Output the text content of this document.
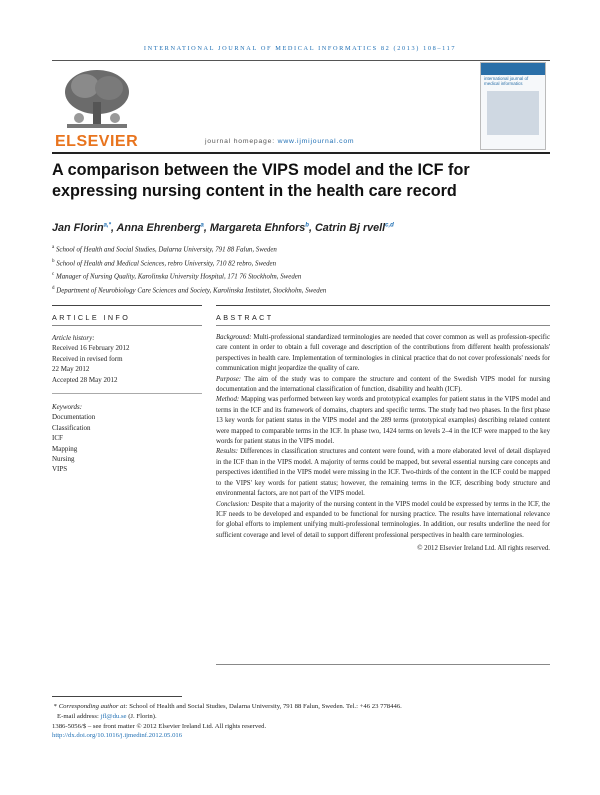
INTERNATIONAL JOURNAL OF MEDICAL INFORMATICS 82 (2013) 108–117
ELSEVIER	journal homepage: www.ijmijournal.com
international journal of medical informatics
A comparison between the VIPS model and the ICF for expressing nursing content in the health care record
Jan Florin$^{a,*}$, Anna Ehrenberg$^a$, Margareta Ehnfors$^b$, Catrin Bj rvell$^{c,d}$
$^a$ School of Health and Social Studies, Dalarna University, 791 88 Falun, Sweden
$^b$ School of Health and Medical Sciences, rebro University, 710 82 rebro, Sweden
$^c$ Manager of Nursing Quality, Karolinska University Hospital, 171 76 Stockholm, Sweden
$^d$ Department of Neurobiology Care Sciences and Society, Karolinska Institutet, Stockholm, Sweden
ARTICLE INFO	ABSTRACT
Article history:
Received 16 February 2012
Received in revised form
22 May 2012
Accepted 28 May 2012
Keywords:
Documentation
Classification
ICF
Mapping
Nursing
VIPS

Background: Multi-professional standardized terminologies are needed that cover common as well as profession-specific care content in order to obtain a full coverage and description of the contributions from different health professionals' perspectives in health care. Implementation of terminologies in clinical practice that do not cover professionals' needs for communication might jeopardize the quality of care.

Purpose: The aim of the study was to compare the structure and content of the Swedish VIPS model for nursing documentation and the international classification of function, disability and health (ICF).

Method: Mapping was performed between key words and prototypical examples for patient status in the VIPS model and terms in the ICF and its framework of domains, chapters and specific terms. The study had two phases. In the first phase 13 key words for patient status in the VIPS model and the 289 terms (prototypical examples) describing related content were mapped to comparable terms in the ICF. In phase two, 1424 terms on levels 2–4 in the ICF were mapped to the key words for patient status in the VIPS model.

Results: Differences in classification structures and content were found, with a more elaborated level of detail displayed in the ICF than in the VIPS model. A majority of terms could be mapped, but several essential nursing care concepts and perspectives identified in the VIPS model were missing in the ICF. Two-thirds of the content in the ICF could be mapped to the VIPS' key words for patient status; however, the remaining terms in the ICF, describing body structure and environmental factors, are not part of the VIPS model.

Conclusion: Despite that a majority of the nursing content in the VIPS model could be expressed by terms in the ICF, the ICF needs to be developed and expanded to be functional for nursing practice. The results have international relevance for global efforts to implement unifying multi-professional terminologies. In addition, our results underline the need for sufficient coverage and level of detail to support different professional perspectives in health care terminologies.

© 2012 Elsevier Ireland Ltd. All rights reserved.

* Corresponding author at: School of Health and Social Studies, Dalarna University, 791 88 Falun, Sweden. Tel.: +46 23 778446.
E-mail address: jfl@du.se (J. Florin).
1386-5056/$ – see front matter © 2012 Elsevier Ireland Ltd. All rights reserved.
http://dx.doi.org/10.1016/j.ijmedinf.2012.05.016
